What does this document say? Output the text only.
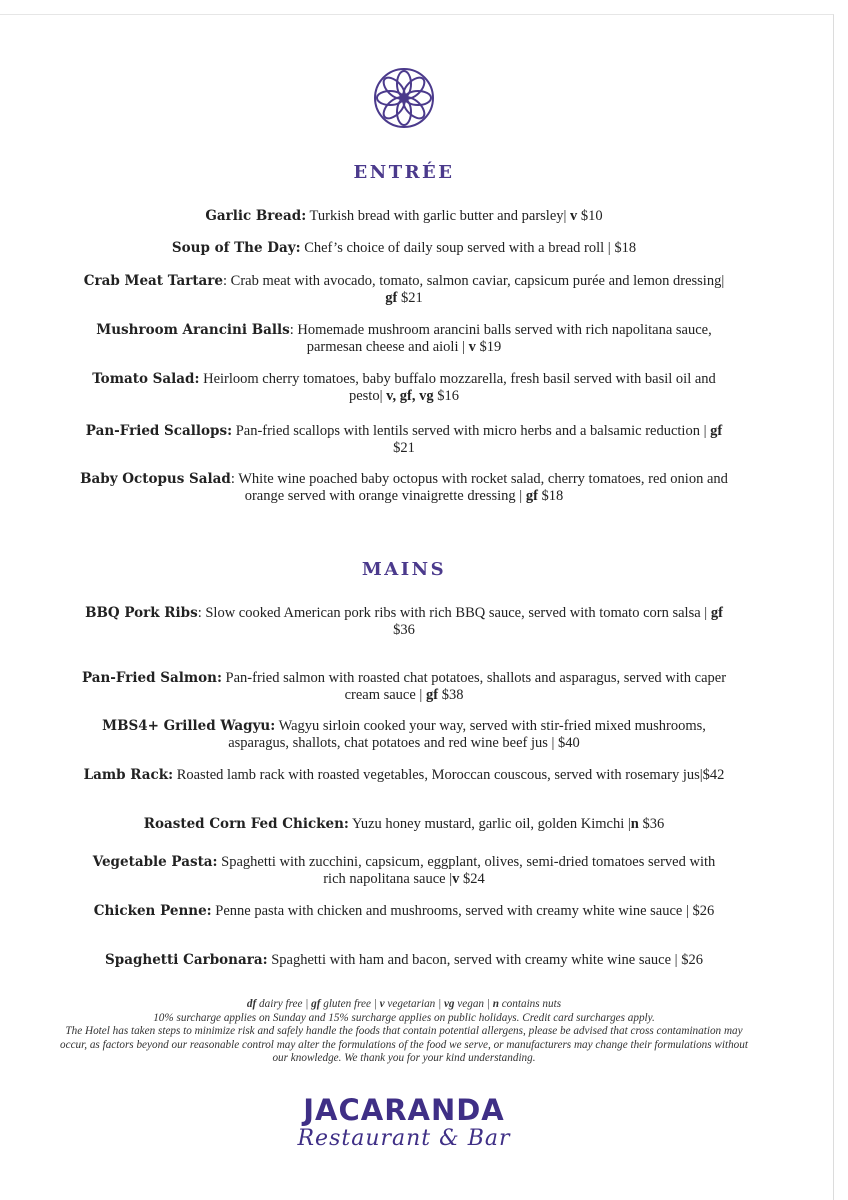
ENTRÉE
Garlic Bread: Turkish bread with garlic butter and parsley| v $10
Soup of The Day: Chef’s choice of daily soup served with a bread roll | $18
Crab Meat Tartare: Crab meat with avocado, tomato, salmon caviar, capsicum purée and lemon dressing| gf $21
Mushroom Arancini Balls: Homemade mushroom arancini balls served with rich napolitana sauce, parmesan cheese and aioli | v $19
Tomato Salad: Heirloom cherry tomatoes, baby buffalo mozzarella, fresh basil served with basil oil and pesto| v, gf, vg $16
Pan-Fried Scallops: Pan-fried scallops with lentils served with micro herbs and a balsamic reduction | gf $21
Baby Octopus Salad: White wine poached baby octopus with rocket salad, cherry tomatoes, red onion and orange served with orange vinaigrette dressing | gf $18
MAINS
BBQ Pork Ribs: Slow cooked American pork ribs with rich BBQ sauce, served with tomato corn salsa | gf $36
Pan-Fried Salmon: Pan-fried salmon with roasted chat potatoes, shallots and asparagus, served with caper cream sauce | gf $38
MBS4+ Grilled Wagyu: Wagyu sirloin cooked your way, served with stir-fried mixed mushrooms, asparagus, shallots, chat potatoes and red wine beef jus | $40
Lamb Rack: Roasted lamb rack with roasted vegetables, Moroccan couscous, served with rosemary jus|$42
Roasted Corn Fed Chicken: Yuzu honey mustard, garlic oil, golden Kimchi |n $36
Vegetable Pasta: Spaghetti with zucchini, capsicum, eggplant, olives, semi-dried tomatoes served with rich napolitana sauce |v $24
Chicken Penne: Penne pasta with chicken and mushrooms, served with creamy white wine sauce | $26
Spaghetti Carbonara: Spaghetti with ham and bacon, served with creamy white wine sauce | $26
df dairy free | gf gluten free | v vegetarian | vg vegan | n contains nuts
10% surcharge applies on Sunday and 15% surcharge applies on public holidays. Credit card surcharges apply.
The Hotel has taken steps to minimize risk and safely handle the foods that contain potential allergens, please be advised that cross contamination may occur, as factors beyond our reasonable control may alter the formulations of the food we serve, or manufacturers may change their formulations without our knowledge. We thank you for your kind understanding.
JACARANDA
Restaurant & Bar
